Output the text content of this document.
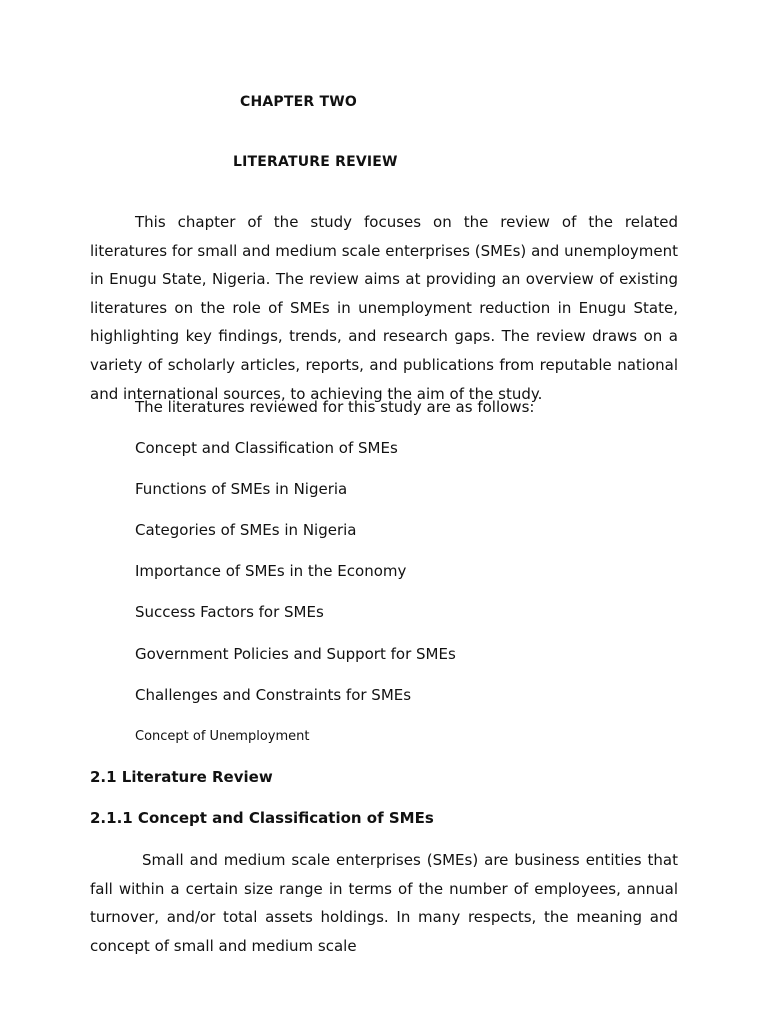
CHAPTER TWO
LITERATURE REVIEW

This chapter of the study focuses on the review of the related literatures for small and medium scale enterprises (SMEs) and unemployment in Enugu State, Nigeria. The review aims at providing an overview of existing literatures on the role of SMEs in unemployment reduction in Enugu State, highlighting key findings, trends, and research gaps. The review draws on a variety of scholarly articles, reports, and publications from reputable national and international sources, to achieving the aim of the study.

The literatures reviewed for this study are as follows:
Concept and Classification of SMEs
Functions of SMEs in Nigeria
Categories of SMEs in Nigeria
Importance of SMEs in the Economy
Success Factors for SMEs
Government Policies and Support for SMEs
Challenges and Constraints for SMEs
Concept of Unemployment
2.1 Literature Review
2.1.1 Concept and Classification of SMEs

Small and medium scale enterprises (SMEs) are business entities that fall within a certain size range in terms of the number of employees, annual turnover, and/or total assets holdings. In many respects, the meaning and concept of small and medium scale
